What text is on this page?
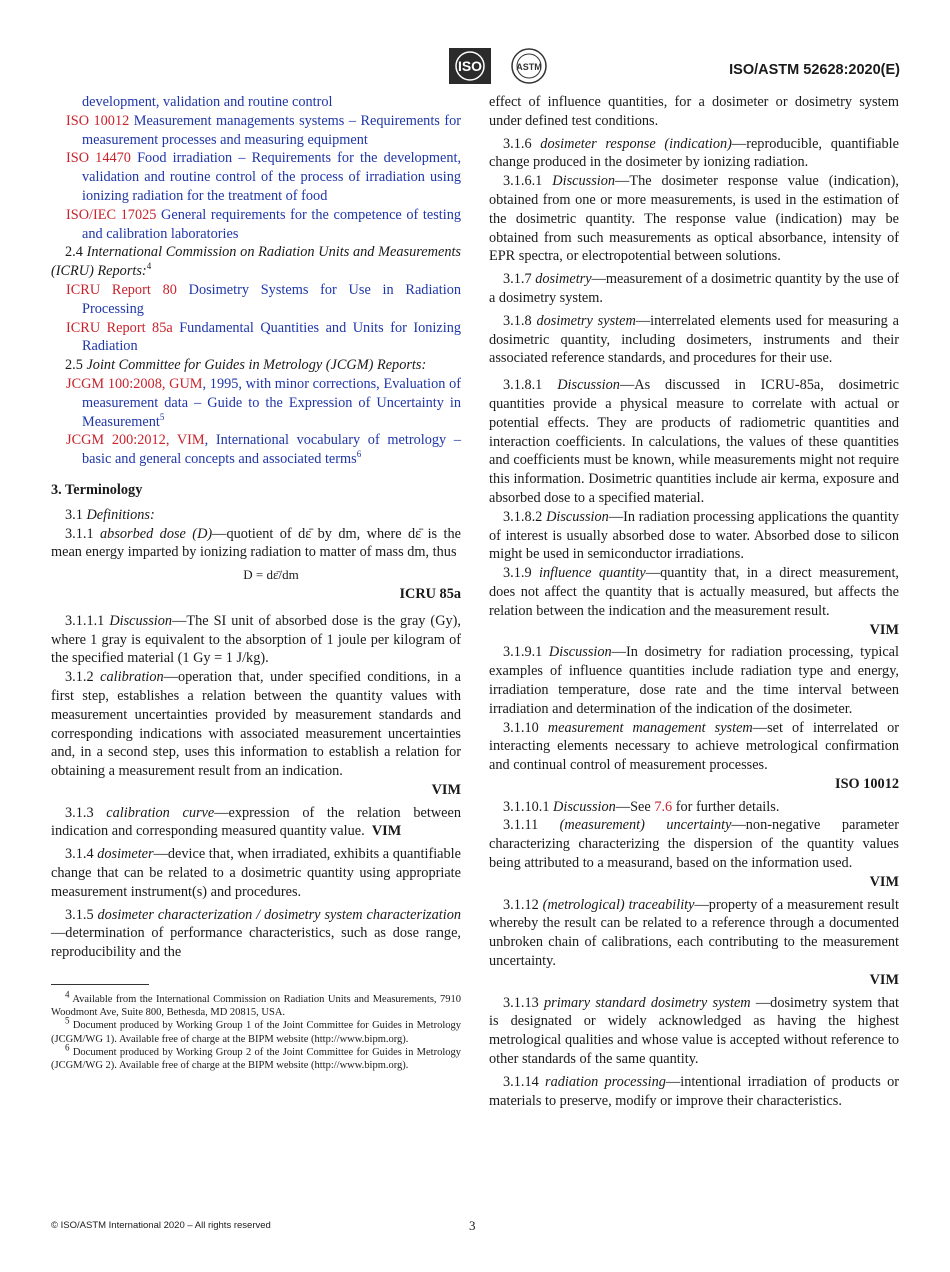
ISO	ASTM	ISO/ASTM 52628:2020(E)

development, validation and routine control

ISO 10012 Measurement managements systems – Requirements for measurement processes and measuring equipment

ISO 14470 Food irradiation – Requirements for the development, validation and routine control of the process of irradiation using ionizing radiation for the treatment of food

ISO/IEC 17025 General requirements for the competence of testing and calibration laboratories

2.4 International Commission on Radiation Units and Measurements (ICRU) Reports:$^4$

ICRU Report 80 Dosimetry Systems for Use in Radiation Processing

ICRU Report 85a Fundamental Quantities and Units for Ionizing Radiation

2.5 Joint Committee for Guides in Metrology (JCGM) Reports:

JCGM 100:2008, GUM, 1995, with minor corrections, Evaluation of measurement data – Guide to the Expression of Uncertainty in Measurement$^5$

JCGM 200:2012, VIM, International vocabulary of metrology – basic and general concepts and associated terms$^6$

3. Terminology

3.1 Definitions:

3.1.1 absorbed dose (D)—quotient of dε̄ by dm, where dε̄ is the mean energy imparted by ionizing radiation to matter of mass dm, thus

D = dε̄/dm
ICRU 85a

3.1.1.1 Discussion—The SI unit of absorbed dose is the gray (Gy), where 1 gray is equivalent to the absorption of 1 joule per kilogram of the specified material (1 Gy = 1 J/kg).

3.1.2 calibration—operation that, under specified conditions, in a first step, establishes a relation between the quantity values with measurement uncertainties provided by measurement standards and corresponding indications with associated measurement uncertainties and, in a second step, uses this information to establish a relation for obtaining a measurement result from an indication.

VIM

3.1.3 calibration curve—expression of the relation between indication and corresponding measured quantity value. VIM

3.1.4 dosimeter—device that, when irradiated, exhibits a quantifiable change that can be related to a dosimetric quantity using appropriate measurement instrument(s) and procedures.

3.1.5 dosimeter characterization / dosimetry system characterization—determination of performance characteristics, such as dose range, reproducibility and the

$^4$ Available from the International Commission on Radiation Units and Measurements, 7910 Woodmont Ave, Suite 800, Bethesda, MD 20815, USA.

$^5$ Document produced by Working Group 1 of the Joint Committee for Guides in Metrology (JCGM/WG 1). Available free of charge at the BIPM website (http://www.bipm.org).

$^6$ Document produced by Working Group 2 of the Joint Committee for Guides in Metrology (JCGM/WG 2). Available free of charge at the BIPM website (http://www.bipm.org).

effect of influence quantities, for a dosimeter or dosimetry system under defined test conditions.

3.1.6 dosimeter response (indication)—reproducible, quantifiable change produced in the dosimeter by ionizing radiation.

3.1.6.1 Discussion—The dosimeter response value (indication), obtained from one or more measurements, is used in the estimation of the dosimetric quantity. The response value (indication) may be obtained from such measurements as optical absorbance, intensity of EPR spectra, or electropotential between solutions.

3.1.7 dosimetry—measurement of a dosimetric quantity by the use of a dosimetry system.

3.1.8 dosimetry system—interrelated elements used for measuring a dosimetric quantity, including dosimeters, instruments and their associated reference standards, and procedures for their use.

3.1.8.1 Discussion—As discussed in ICRU-85a, dosimetric quantities provide a physical measure to correlate with actual or potential effects. They are products of radiometric quantities and interaction coefficients. In calculations, the values of these quantities and coefficients must be known, while measurements might not require this information. Dosimetric quantities include air kerma, exposure and absorbed dose to a specified material.

3.1.8.2 Discussion—In radiation processing applications the quantity of interest is usually absorbed dose to water. Absorbed dose to silicon might be used in semiconductor irradiations.

3.1.9 influence quantity—quantity that, in a direct measurement, does not affect the quantity that is actually measured, but affects the relation between the indication and the measurement result.

VIM

3.1.9.1 Discussion—In dosimetry for radiation processing, typical examples of influence quantities include radiation type and energy, irradiation temperature, dose rate and the time interval between irradiation and determination of the indication of the dosimeter.

3.1.10 measurement management system—set of interrelated or interacting elements necessary to achieve metrological confirmation and continual control of measurement processes.

ISO 10012

3.1.10.1 Discussion—See 7.6 for further details.

3.1.11 (measurement) uncertainty—non-negative parameter characterizing characterizing the dispersion of the quantity values being attributed to a measurand, based on the information used.

VIM

3.1.12 (metrological) traceability—property of a measurement result whereby the result can be related to a reference through a documented unbroken chain of calibrations, each contributing to the measurement uncertainty.

VIM

3.1.13 primary standard dosimetry system —dosimetry system that is designated or widely acknowledged as having the highest metrological qualities and whose value is accepted without reference to other standards of the same quantity.

3.1.14 radiation processing—intentional irradiation of products or materials to preserve, modify or improve their characteristics.

© ISO/ASTM International 2020 – All rights reserved	3
